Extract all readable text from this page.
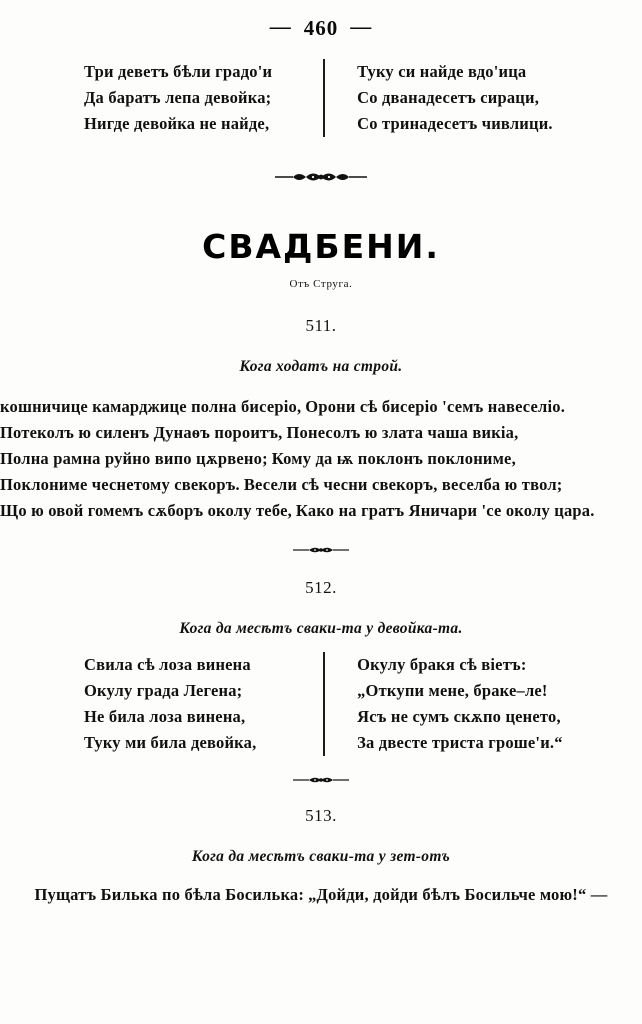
— 460 —
Три деветъ бѣли градо'и
Да баратъ лепа девойка;
Нигде девойка не найде,
Туку си найде вдо'ица
Со дванадесетъ сираци,
Со тринадесетъ чивлици.
СВАДБЕНИ.
Отъ Струга.
511.
Кога ходатъ на строй.
кошничице камарджице полна бисеріо, Орони сѣ бисеріо 'семъ навеселіо. Потеколъ ю силенъ Дунаѳъ пороитъ, Понесолъ ю злата чаша викіа, Полна рамна руйно випо цѫрвено; Кому да ѭ поклонъ поклониме, Поклониме чеснетому свекоръ. Весели сѣ чесни свекоръ, веселба ю твол; Що ю овой гомемъ сѫборъ околу тебе, Како на гратъ Яничари 'се околу цара.
512.
Кога да месѣтъ сваки-та у девойка-та.
Свила сѣ лоза винена
Окулу града Легена;
Не била лоза винена,
Туку ми била девойка,
Окулу бракя сѣ віетъ:
„Откупи мене, браке–ле!
Ясъ не сумъ скѫпо ценето,
За двесте триста гроше'и.“
513.
Кога да месѣтъ сваки-та у зет-отъ
Пущатъ Билька по бѣла Босилька: „Дойди, дойди бѣлъ Босильче мою!“ —
